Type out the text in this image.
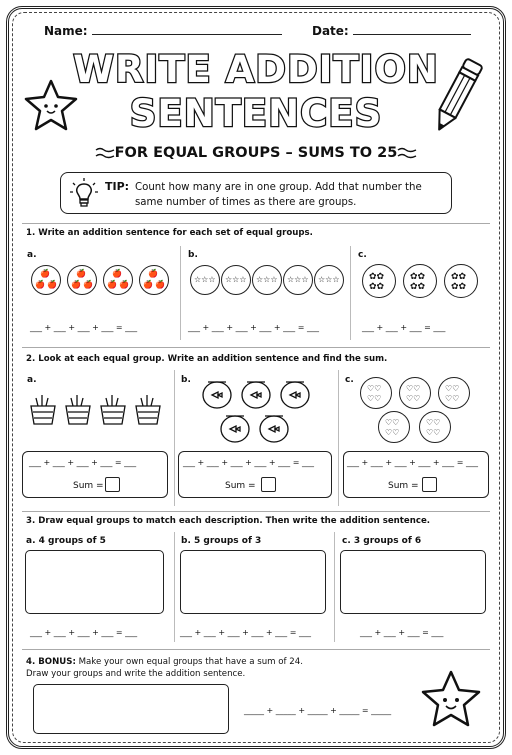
Name:	Date:
WRITE ADDITION
SENTENCES
FOR EQUAL GROUPS – SUMS TO 25
TIP: Count how many are in one group. Add that number the same number of times as there are groups.
1. Write an addition sentence for each set of equal groups.
a.	b.	c.
🍎
🍎 🍎
🍎
🍎 🍎
🍎
🍎 🍎
🍎
🍎 🍎
☆☆☆ ☆☆☆ ☆☆☆ ☆☆☆ ☆☆☆	✿✿
✿✿
✿✿
✿✿
✿✿
✿✿
___ + ___ + ___ + ___ = ___	___ + ___ + ___ + ___ + ___ = ___	___ + ___ + ___ = ___
2. Look at each equal group. Write an addition sentence and find the sum.
a.	b.	c.
♡♡
♡♡
♡♡
♡♡
♡♡
♡♡
♡♡
♡♡
♡♡
♡♡
___ + ___ + ___ + ___ = ___
Sum =
___ + ___ + ___ + ___ + ___ = ___
Sum =
___ + ___ + ___ + ___ + ___ = ___
Sum =
3. Draw equal groups to match each description. Then write the addition sentence.
a. 4 groups of 5	b. 5 groups of 3	c. 3 groups of 6
___ + ___ + ___ + ___ = ___	___ + ___ + ___ + ___ + ___ = ___	___ + ___ + ___ = ___
4. BONUS: Make your own equal groups that have a sum of 24.
Draw your groups and write the addition sentence.
_____ + _____ + _____ + _____ = _____
